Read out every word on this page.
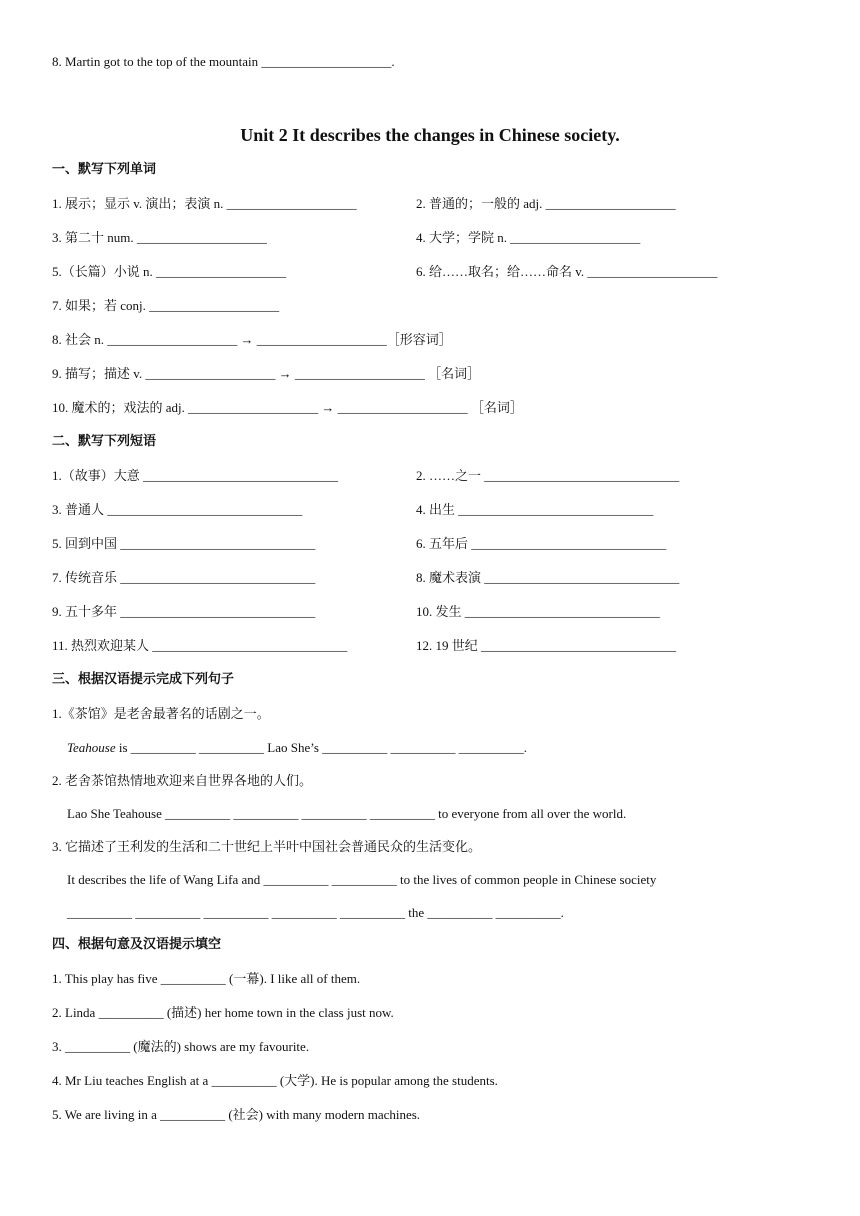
8. Martin got to the top of the mountain ____________________.
Unit 2 It describes the changes in Chinese society.
一、默写下列单词
1. 展示；显示 v. 演出；表演 n. ____________________	2. 普通的；一般的 adj. ____________________
3. 第二十 num. ____________________	4. 大学；学院 n. ____________________
5.（长篇）小说 n. ____________________	6. 给……取名；给……命名 v. ____________________
7. 如果；若 conj. ____________________
8. 社会 n. ____________________ → ____________________［形容词］
9. 描写；描述 v. ____________________ → ____________________ ［名词］
10. 魔术的；戏法的 adj. ____________________ → ____________________ ［名词］
二、默写下列短语
1.（故事）大意 ______________________________	2. ……之一 ______________________________
3. 普通人 ______________________________	4. 出生 ______________________________
5. 回到中国 ______________________________	6. 五年后 ______________________________
7. 传统音乐 ______________________________	8. 魔术表演 ______________________________
9. 五十多年 ______________________________	10. 发生 ______________________________
11. 热烈欢迎某人 ______________________________	12. 19 世纪 ______________________________
三、根据汉语提示完成下列句子
1.《茶馆》是老舍最著名的话剧之一。
Teahouse is __________ __________ Lao She’s __________ __________ __________.
2. 老舍茶馆热情地欢迎来自世界各地的人们。
Lao She Teahouse __________ __________ __________ __________ to everyone from all over the world.
3. 它描述了王利发的生活和二十世纪上半叶中国社会普通民众的生活变化。
It describes the life of Wang Lifa and __________ __________ to the lives of common people in Chinese society
__________ __________ __________ __________ __________ the __________ __________.
四、根据句意及汉语提示填空
1. This play has five __________ (一幕). I like all of them.
2. Linda __________ (描述) her home town in the class just now.
3. __________ (魔法的) shows are my favourite.
4. Mr Liu teaches English at a __________ (大学). He is popular among the students.
5. We are living in a __________ (社会) with many modern machines.
